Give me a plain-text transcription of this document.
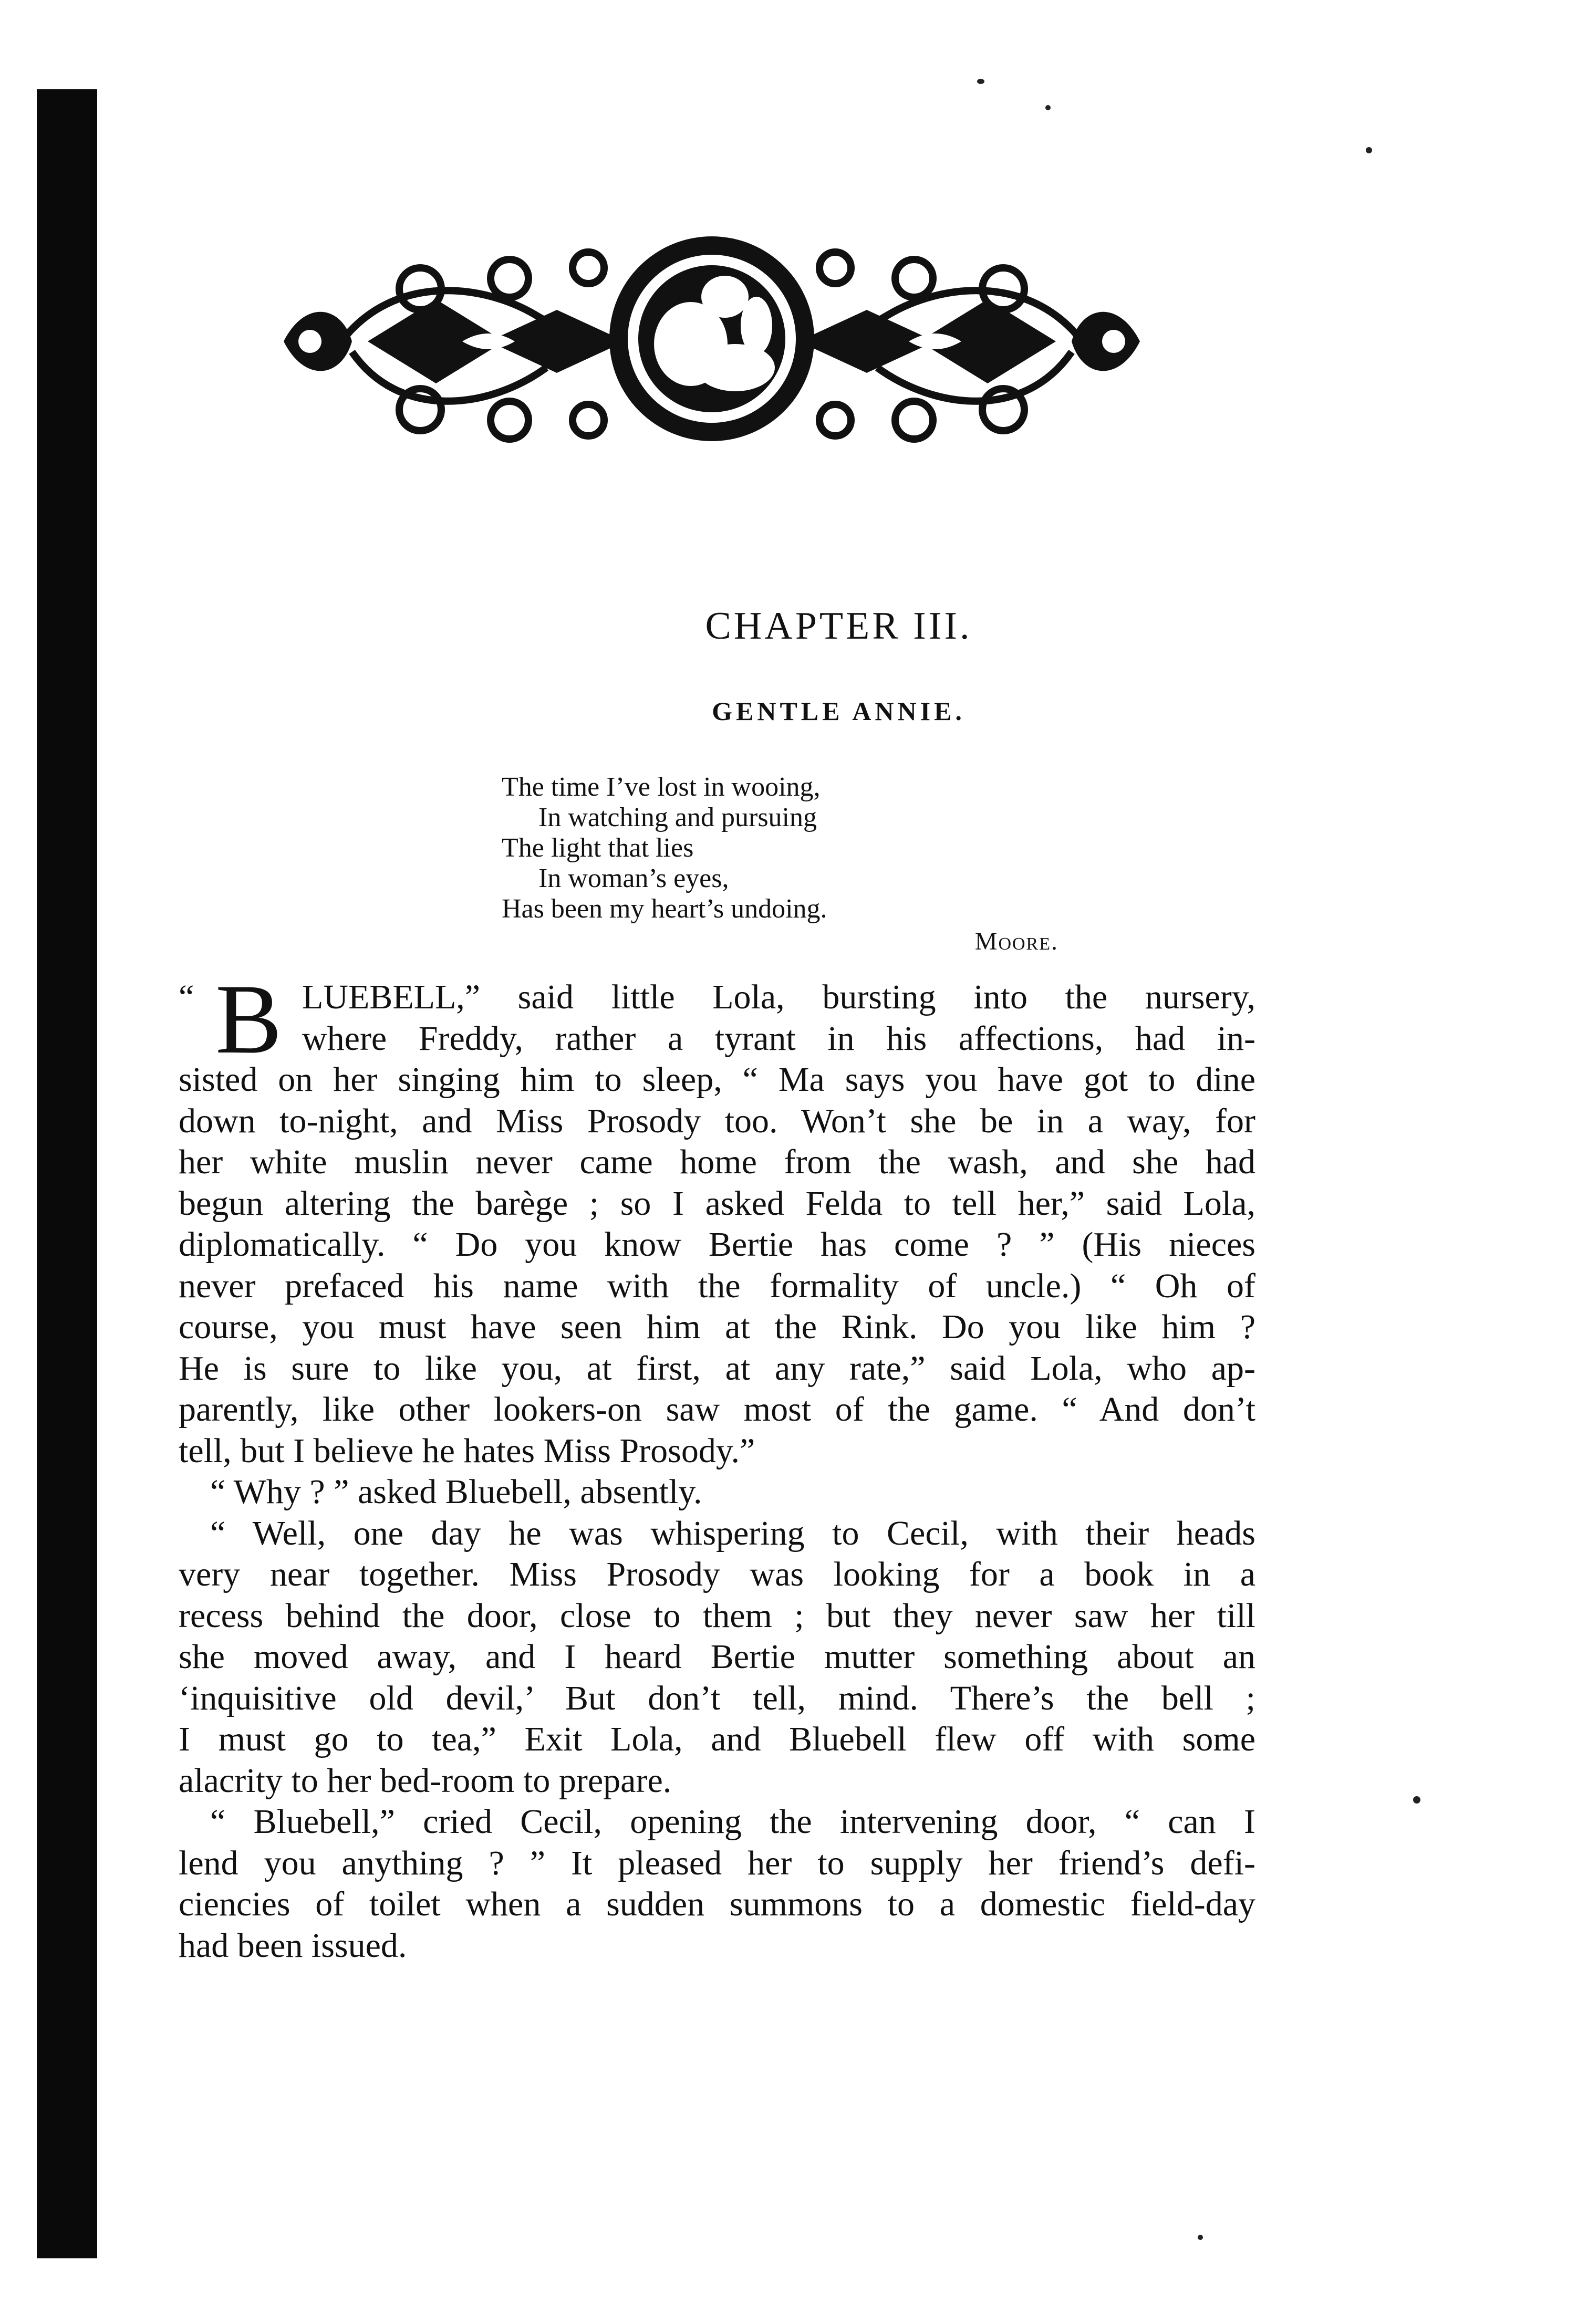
CHAPTER III.
GENTLE ANNIE.
The time I’ve lost in wooing,
In watching and pursuing
The light that lies
In woman’s eyes,
Has been my heart’s undoing.
Moore.
“ B LUEBELL,” said little Lola, bursting into the nursery,
where Freddy, rather a tyrant in his affections, had in-
sisted on her singing him to sleep, “ Ma says you have got to dine
down to-night, and Miss Prosody too. Won’t she be in a way, for
her white muslin never came home from the wash, and she had
begun altering the barège ; so I asked Felda to tell her,” said Lola,
diplomatically. “ Do you know Bertie has come ? ” (His nieces
never prefaced his name with the formality of uncle.) “ Oh of
course, you must have seen him at the Rink. Do you like him ?
He is sure to like you, at first, at any rate,” said Lola, who ap-
parently, like other lookers-on saw most of the game. “ And don’t
tell, but I believe he hates Miss Prosody.”
“ Why ? ” asked Bluebell, absently.
“ Well, one day he was whispering to Cecil, with their heads
very near together. Miss Prosody was looking for a book in a
recess behind the door, close to them ; but they never saw her till
she moved away, and I heard Bertie mutter something about an
‘inquisitive old devil,’ But don’t tell, mind. There’s the bell ;
I must go to tea,” Exit Lola, and Bluebell flew off with some
alacrity to her bed-room to prepare.
“ Bluebell,” cried Cecil, opening the intervening door, “ can I
lend you anything ? ” It pleased her to supply her friend’s defi-
ciencies of toilet when a sudden summons to a domestic field-day
had been issued.
